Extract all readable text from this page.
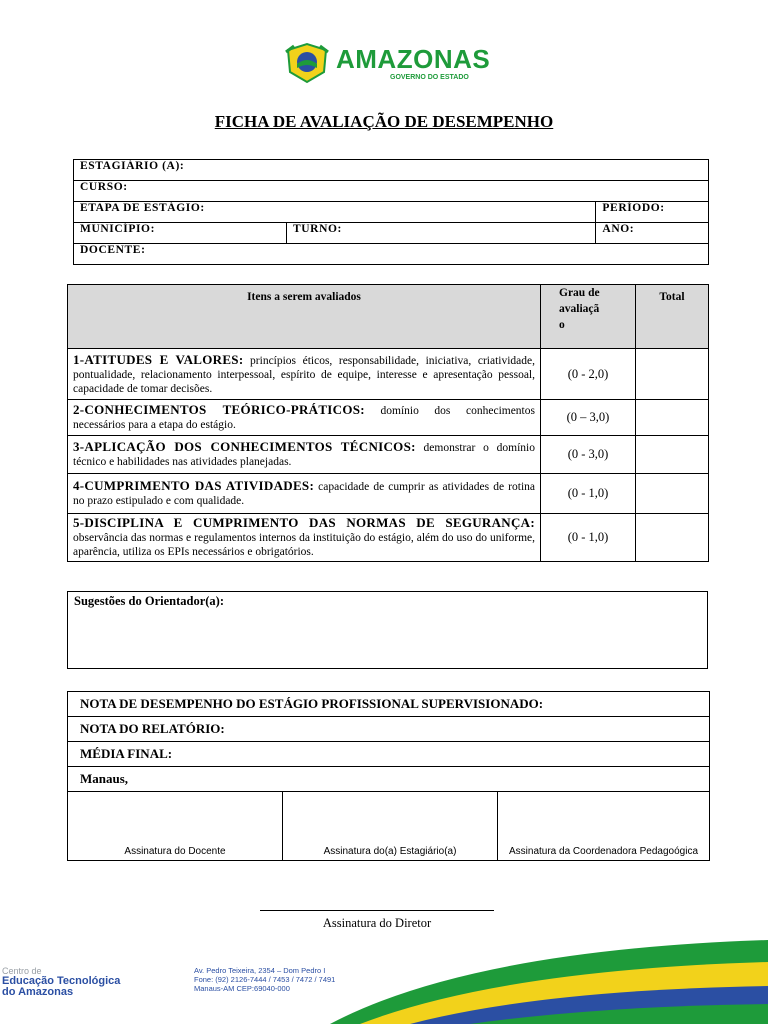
AMAZONAS
GOVERNO DO ESTADO
FICHA DE AVALIAÇÃO DE DESEMPENHO
ESTAGIÁRIO (A):		
CURSO:		
ETAPA DE ESTÁGIO:		PERÍODO:
MUNICÍPIO:	TURNO:	ANO:
DOCENTE:		
Itens a serem avaliados	Grau de avaliação	Total
1-ATITUDES E VALORES: princípios éticos, responsabilidade, iniciativa, criatividade, pontualidade, relacionamento interpessoal, espírito de equipe, interesse e apresentação pessoal, capacidade de tomar decisões.	(0 - 2,0)	
2-CONHECIMENTOS TEÓRICO-PRÁTICOS: domínio dos conhecimentos necessários para a etapa do estágio.	(0 – 3,0)	
3-APLICAÇÃO DOS CONHECIMENTOS TÉCNICOS: demonstrar o domínio técnico e habilidades nas atividades planejadas.	(0 - 3,0)	
4-CUMPRIMENTO DAS ATIVIDADES: capacidade de cumprir as atividades de rotina no prazo estipulado e com qualidade.	(0 - 1,0)	
5-DISCIPLINA E CUMPRIMENTO DAS NORMAS DE SEGURANÇA: observância das normas e regulamentos internos da instituição do estágio, além do uso do uniforme, aparência, utiliza os EPIs necessários e obrigatórios.	(0 - 1,0)	
Sugestões do Orientador(a):
NOTA DE DESEMPENHO DO ESTÁGIO PROFISSIONAL SUPERVISIONADO:
NOTA DO RELATÓRIO:
MÉDIA FINAL:
Manaus,
Assinatura do Docente	Assinatura do(a) Estagiário(a)	Assinatura da Coordenadora Pedagoógica
Assinatura do Diretor
Centro de
Educação Tecnológica
do Amazonas
Av. Pedro Teixeira, 2354 – Dom Pedro I
Fone: (92) 2126-7444 / 7453 / 7472 / 7491
Manaus-AM CEP:69040-000
